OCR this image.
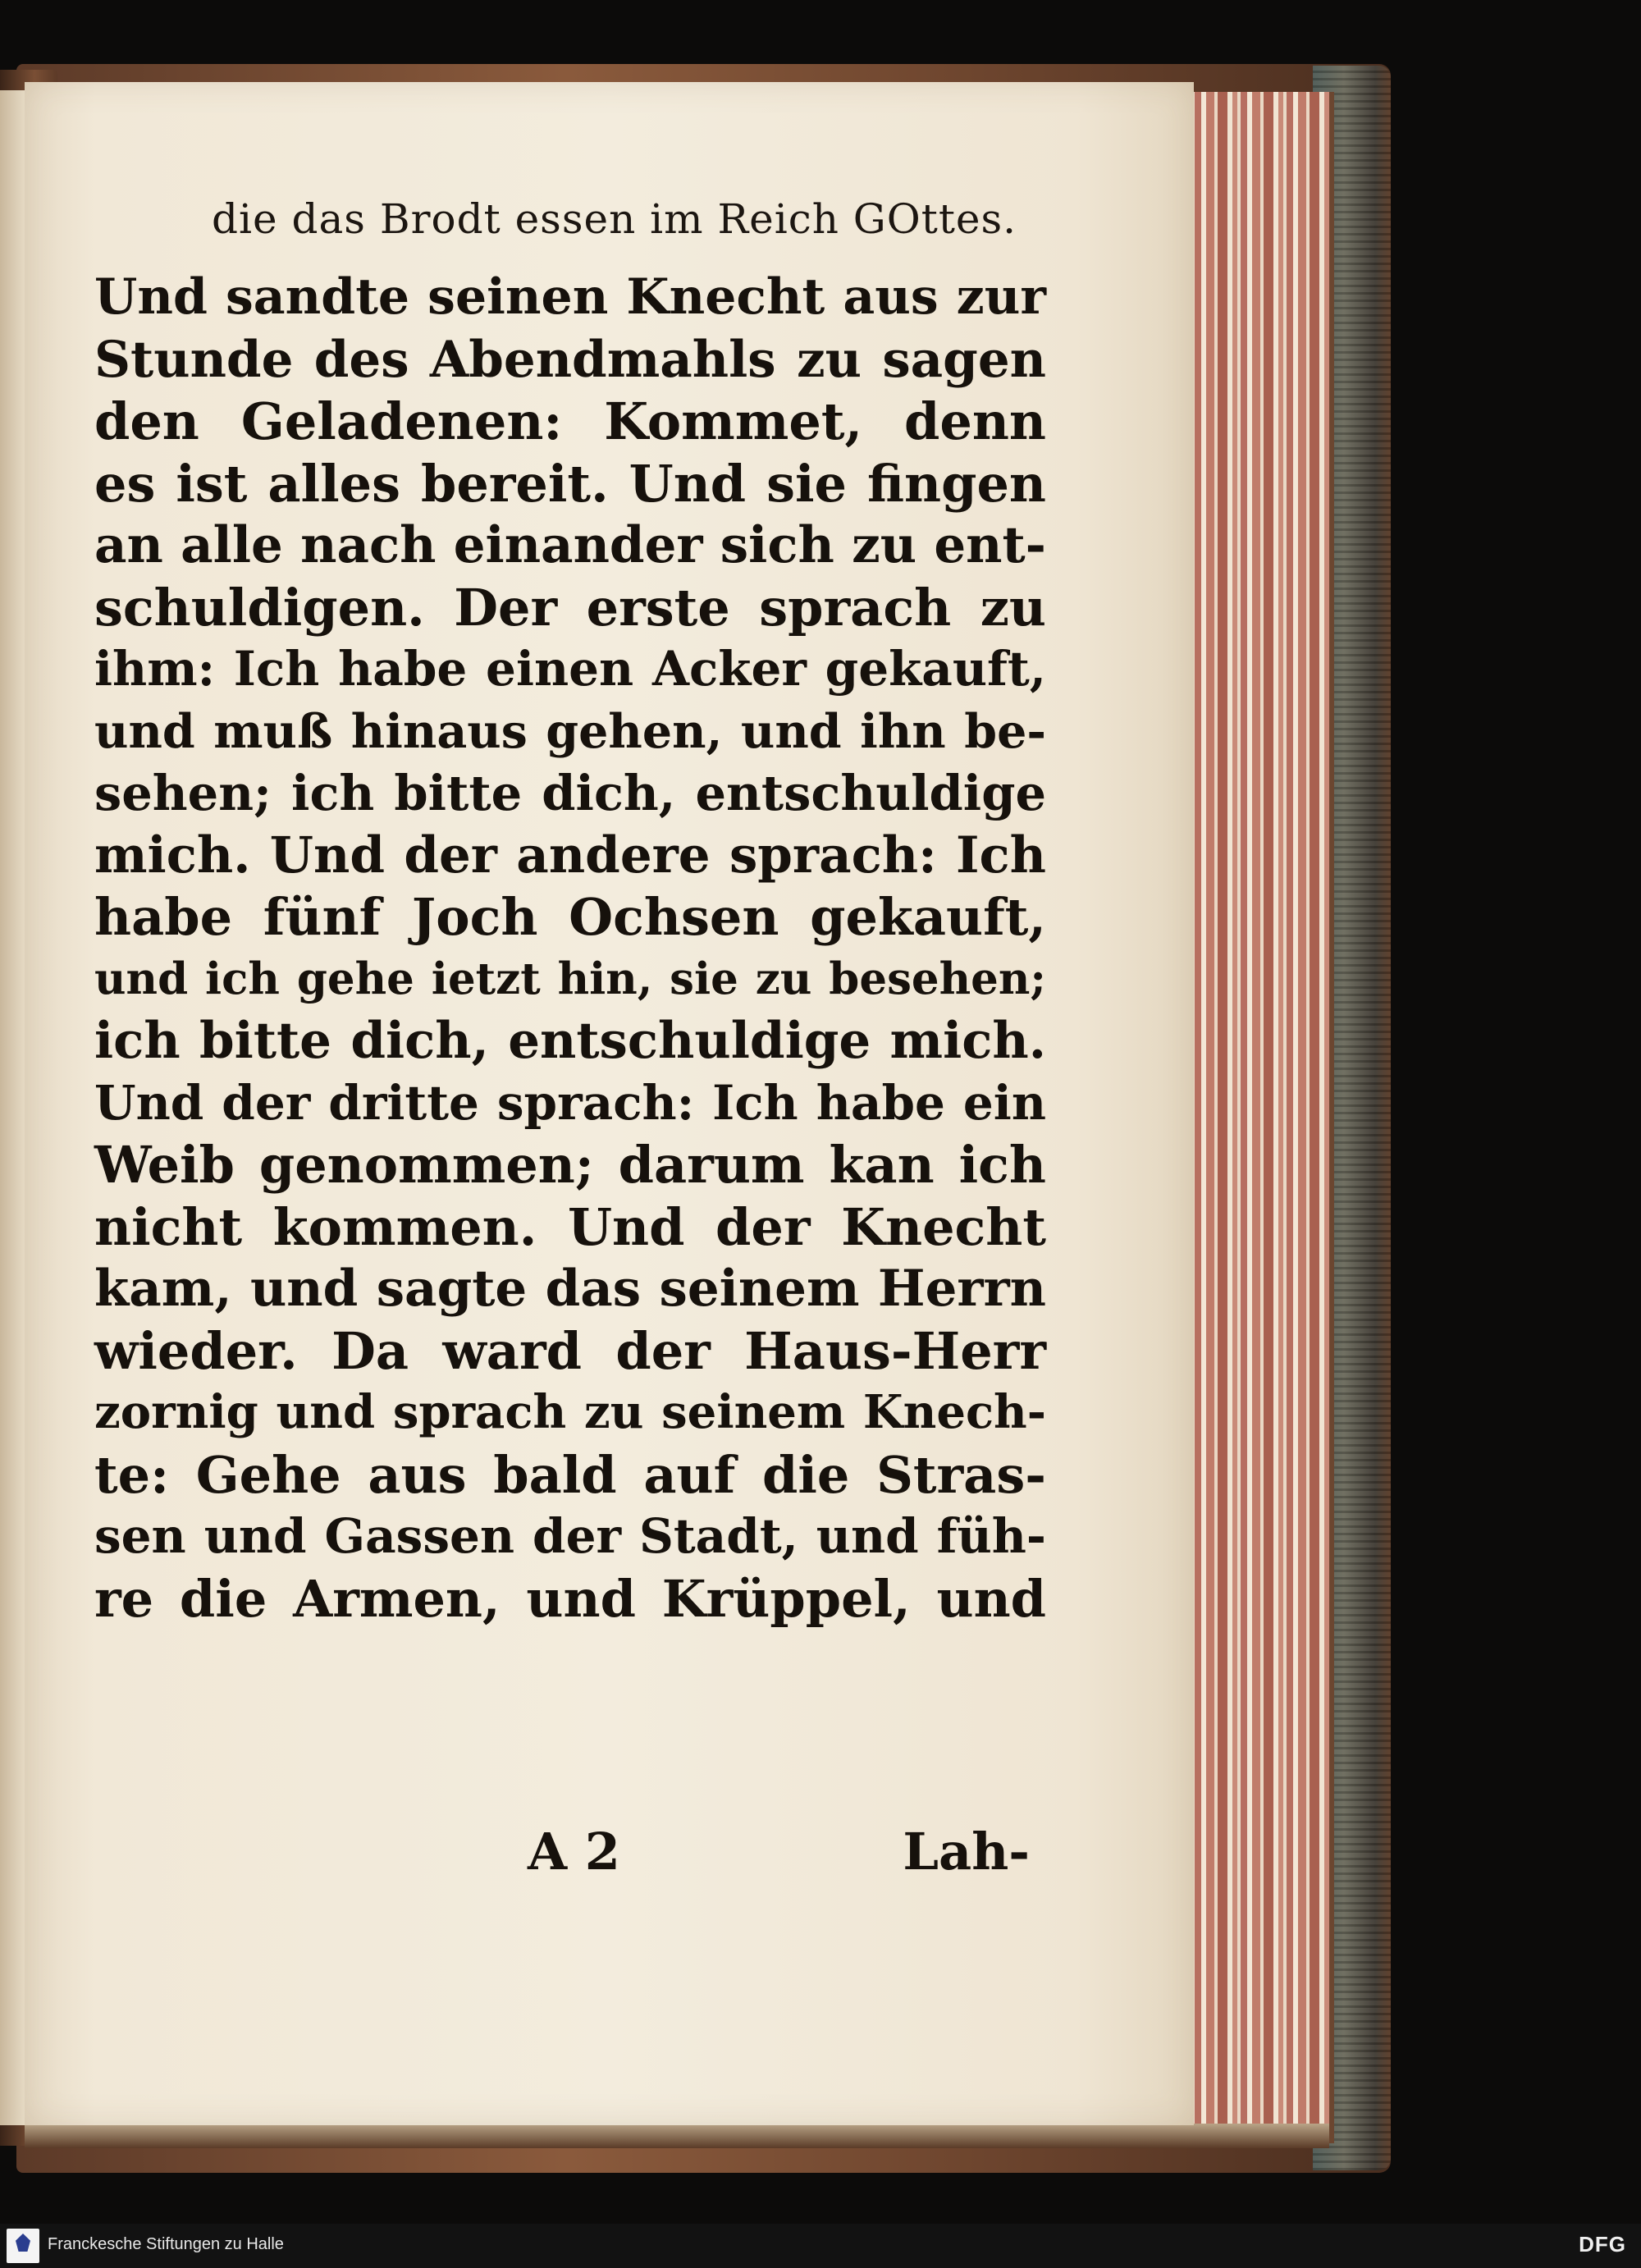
die das Brodt essen im Reich GOttes.
Und sandte seinen Knecht aus zur
Stunde des Abendmahls zu sagen
den Geladenen: Kommet, denn
es ist alles bereit. Und sie fingen
an alle nach einander sich zu ent-
schuldigen. Der erste sprach zu
ihm: Ich habe einen Acker gekauft,
und muß hinaus gehen, und ihn be-
sehen; ich bitte dich, entschuldige
mich. Und der andere sprach: Ich
habe fünf Joch Ochsen gekauft,
und ich gehe ietzt hin, sie zu besehen;
ich bitte dich, entschuldige mich.
Und der dritte sprach: Ich habe ein
Weib genommen; darum kan ich
nicht kommen. Und der Knecht
kam, und sagte das seinem Herrn
wieder. Da ward der Haus-Herr
zornig und sprach zu seinem Knech-
te: Gehe aus bald auf die Stras-
sen und Gassen der Stadt, und füh-
re die Armen, und Krüppel, und
A 2	Lah-
Franckesche Stiftungen zu Halle	DFG
